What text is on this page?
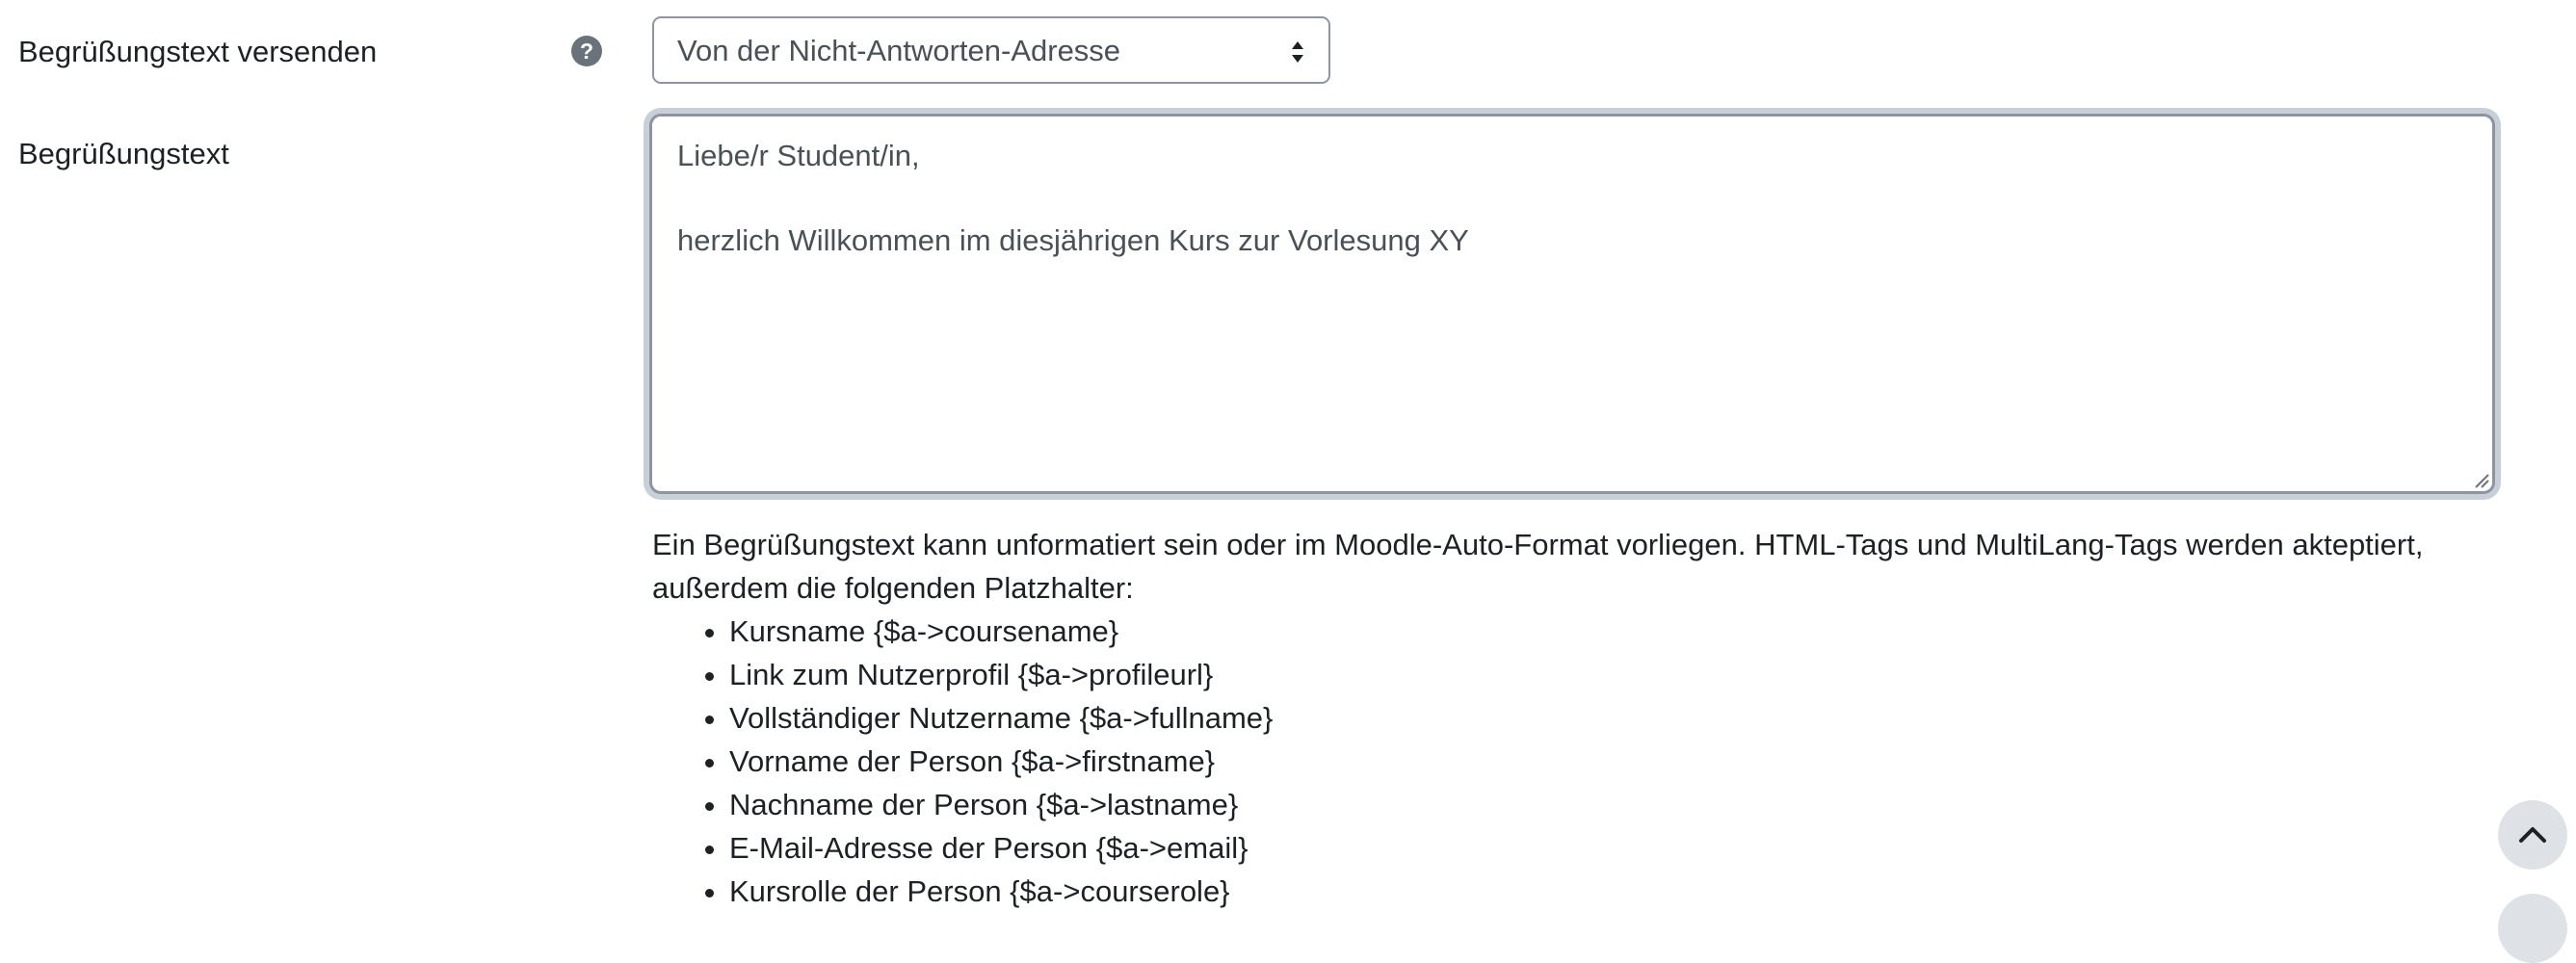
Begrüßungstext versenden	?	Von der Nicht-Antworten-Adresse
Begrüßungstext	Liebe/r Student/in,
herzlich Willkommen im diesjährigen Kurs zur Vorlesung XY

Ein Begrüßungstext kann unformatiert sein oder im Moodle-Auto-Format vorliegen. HTML-Tags und MultiLang-Tags werden akteptiert, außerdem die folgenden Platzhalter:

• Kursname {$a->coursename}
• Link zum Nutzerprofil {$a->profileurl}
• Vollständiger Nutzername {$a->fullname}
• Vorname der Person {$a->firstname}
• Nachname der Person {$a->lastname}
• E-Mail-Adresse der Person {$a->email}
• Kursrolle der Person {$a->courserole}
